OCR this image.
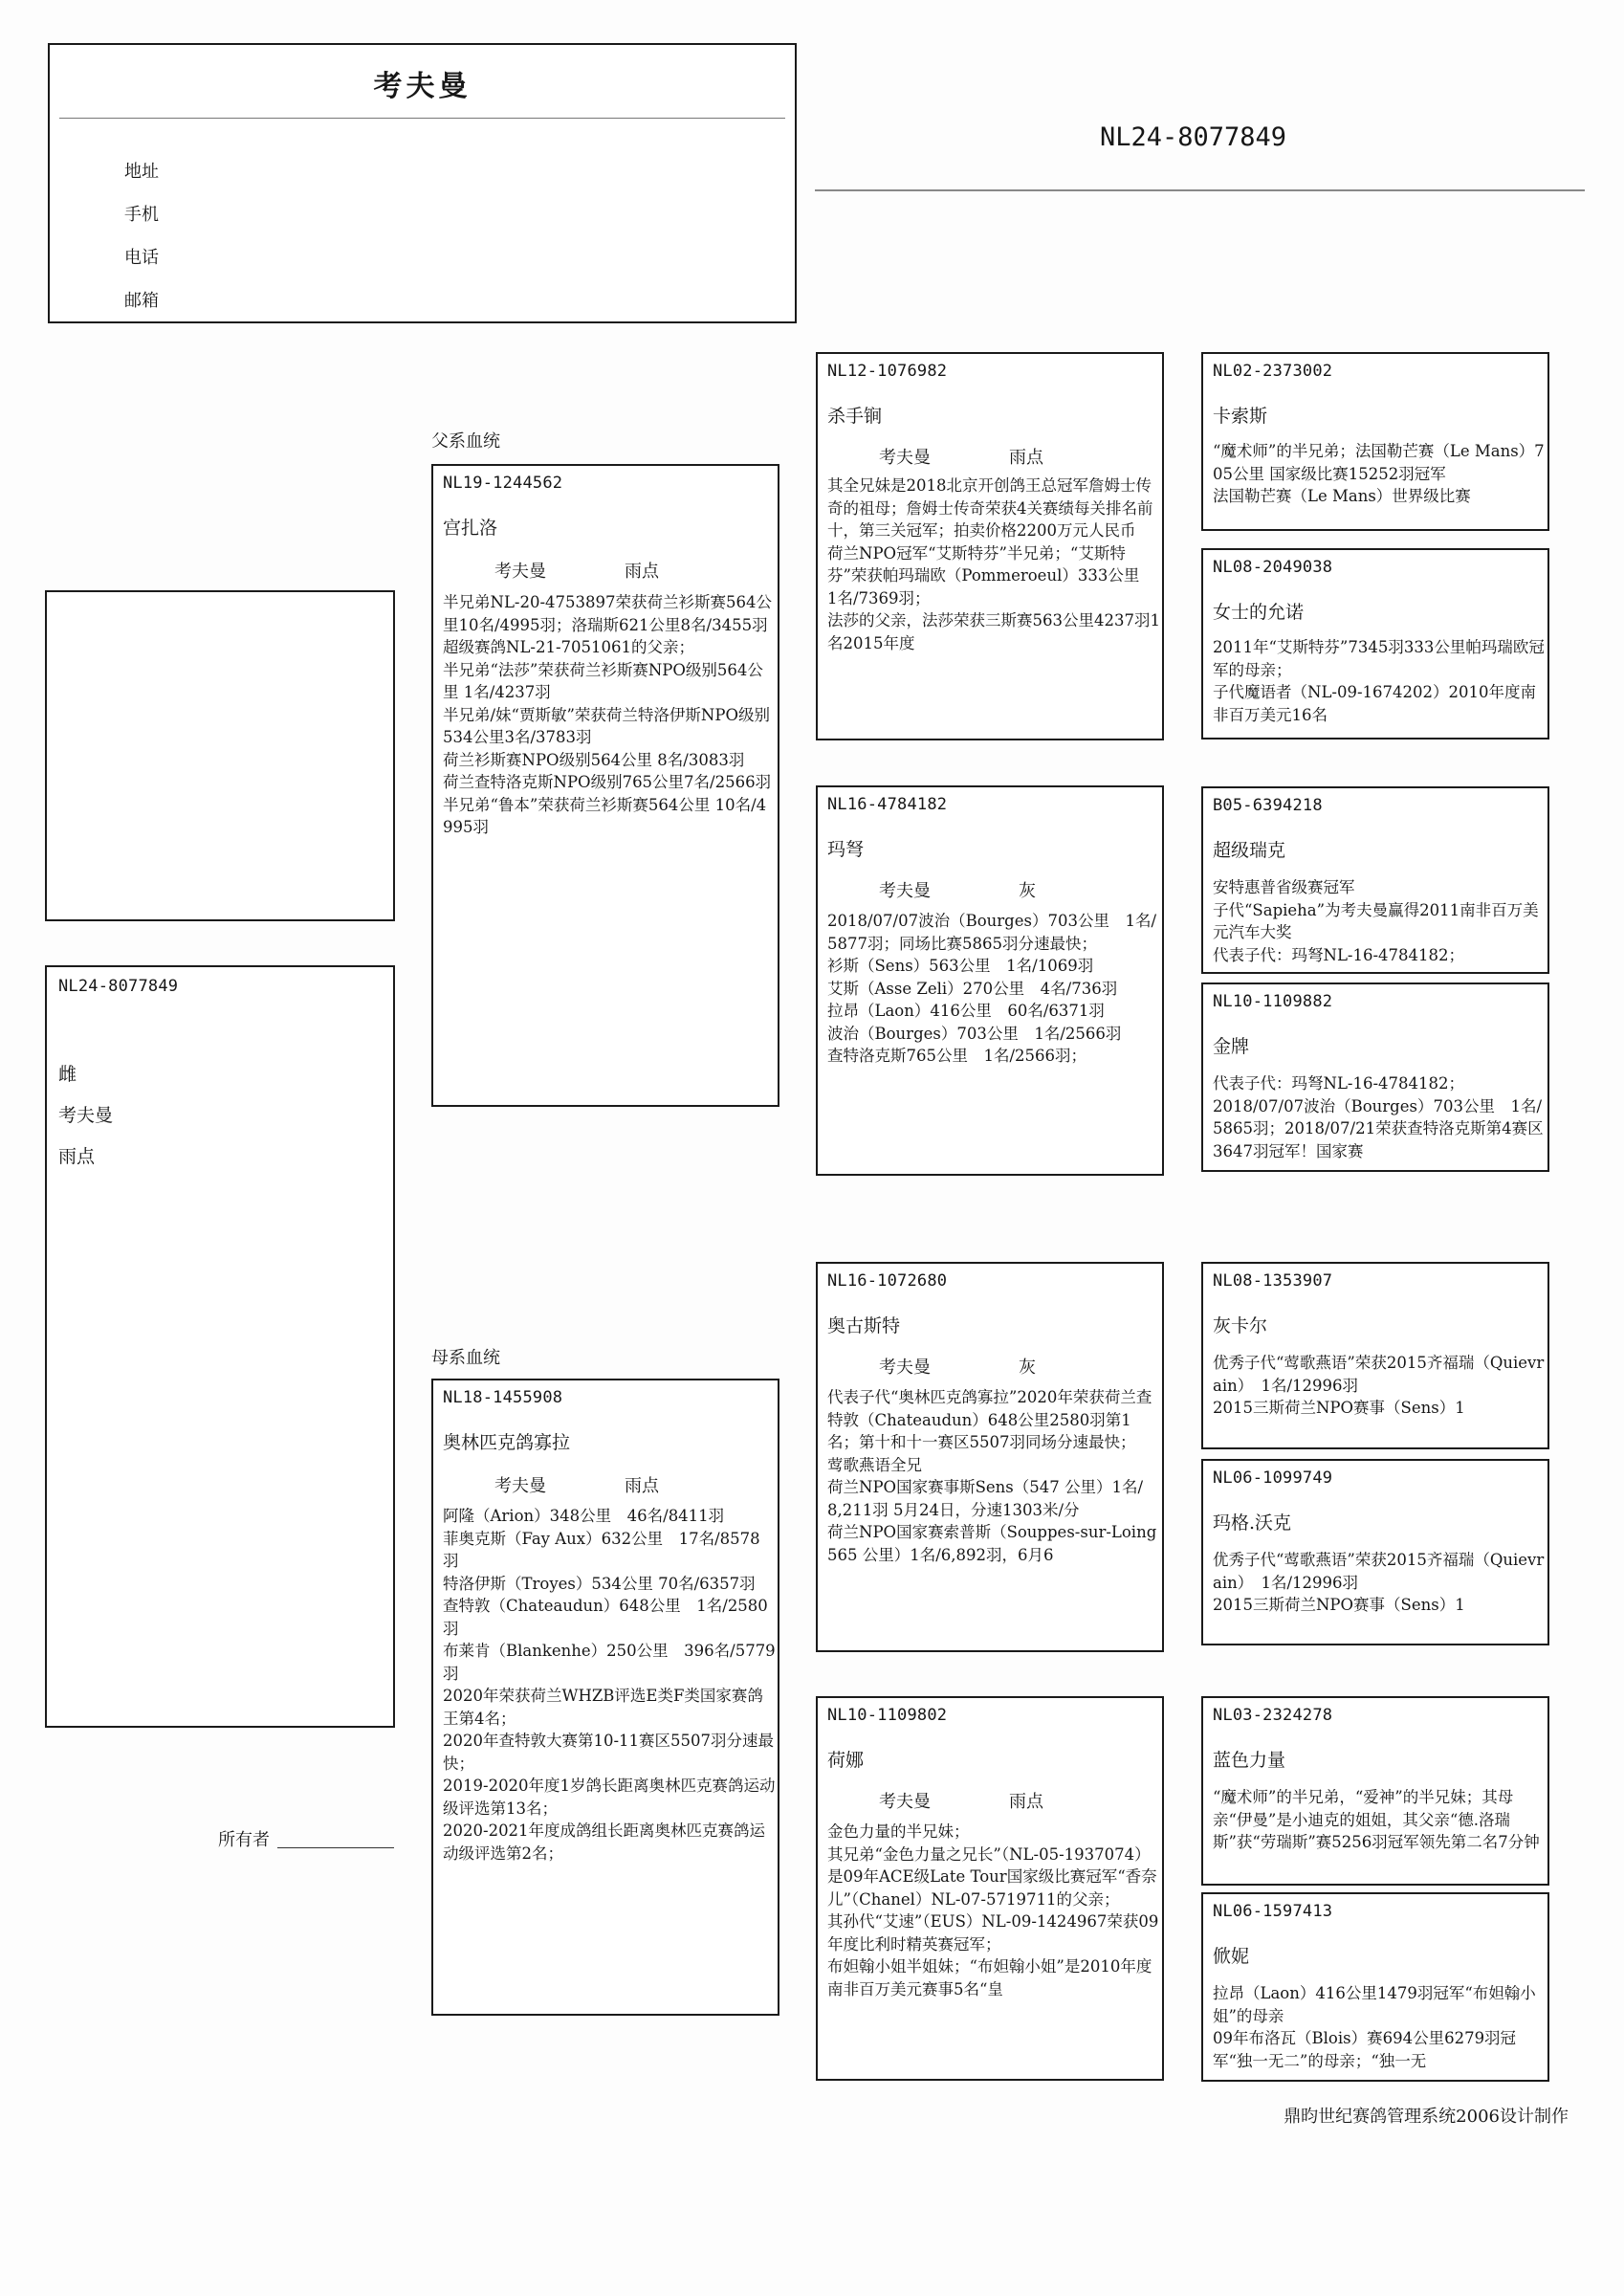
考夫曼
地址
手机
电话
邮箱
NL24-8077849
NL24-8077849
雌
考夫曼
雨点
所有者
父系血统
母系血统
NL19-1244562
宫扎洛
考夫曼	雨点
半兄弟NL-20-4753897荣获荷兰衫斯赛564公里10名/4995羽；洛瑞斯621公里8名/3455羽
超级赛鸽NL-21-7051061的父亲；
半兄弟“法莎”荣获荷兰衫斯赛NPO级别564公里 1名/4237羽
半兄弟/妹“贾斯敏”荣获荷兰特洛伊斯NPO级别534公里3名/3783羽
荷兰衫斯赛NPO级别564公里 8名/3083羽
荷兰查特洛克斯NPO级别765公里7名/2566羽
半兄弟“鲁本”荣获荷兰衫斯赛564公里 10名/4995羽
NL18-1455908
奥林匹克鸽寡拉
考夫曼	雨点
阿隆（Arion）348公里　46名/8411羽
菲奥克斯（Fay Aux）632公里　17名/8578羽
特洛伊斯（Troyes）534公里 70名/6357羽
查特敦（Chateaudun）648公里　1名/2580羽
布莱肯（Blankenhe）250公里　396名/5779羽
2020年荣获荷兰WHZB评选E类F类国家赛鸽王第4名；
2020年查特敦大赛第10-11赛区5507羽分速最快；
2019-2020年度1岁鸽长距离奥林匹克赛鸽运动级评选第13名；
2020-2021年度成鸽组长距离奥林匹克赛鸽运动级评选第2名；
NL12-1076982
杀手锏
考夫曼	雨点
其全兄妹是2018北京开创鸽王总冠军詹姆士传奇的祖母；詹姆士传奇荣获4关赛绩每关排名前十，第三关冠军；拍卖价格2200万元人民币
荷兰NPO冠军“艾斯特芬”半兄弟；“艾斯特芬”荣获帕玛瑞欧（Pommeroeul）333公里　1名/7369羽；
法莎的父亲，法莎荣获三斯赛563公里4237羽1名2015年度
NL16-4784182
玛弩
考夫曼	灰
2018/07/07波治（Bourges）703公里　1名/5877羽；同场比赛5865羽分速最快；
衫斯（Sens）563公里　1名/1069羽
艾斯（Asse Zeli）270公里　4名/736羽
拉昂（Laon）416公里　60名/6371羽
波治（Bourges）703公里　1名/2566羽
查特洛克斯765公里　1名/2566羽；
NL16-1072680
奥古斯特
考夫曼	灰
代表子代“奥林匹克鸽寡拉”2020年荣获荷兰查特敦（Chateaudun）648公里2580羽第1名；第十和十一赛区5507羽同场分速最快；
莺歌燕语全兄
荷兰NPO国家赛事斯Sens（547 公里）1名/ 8,211羽 5月24日，分速1303米/分
荷兰NPO国家赛索普斯（Souppes-sur-Loing 565 公里）1名/6,892羽，6月6
NL10-1109802
荷娜
考夫曼	雨点
金色力量的半兄妹；
其兄弟“金色力量之兄长”（NL-05-1937074）是09年ACE级Late Tour国家级比赛冠军“香奈儿”（Chanel）NL-07-5719711的父亲；
其孙代“艾速”（EUS）NL-09-1424967荣获09年度比利时精英赛冠军；
布妲翰小姐半姐妹；“布妲翰小姐”是2010年度南非百万美元赛事5名“皇
NL02-2373002
卡索斯
“魔术师”的半兄弟；法国勒芒赛（Le Mans）705公里 国家级比赛15252羽冠军
法国勒芒赛（Le Mans）世界级比赛
NL08-2049038
女士的允诺
2011年“艾斯特芬”7345羽333公里帕玛瑞欧冠军的母亲；
子代魔语者（NL-09-1674202）2010年度南非百万美元16名
B05-6394218
超级瑞克
安特惠普省级赛冠军
子代“Sapieha”为考夫曼赢得2011南非百万美元汽车大奖
代表子代：玛弩NL-16-4784182；
NL10-1109882
金牌
代表子代：玛弩NL-16-4784182；
2018/07/07波治（Bourges）703公里　1名/5865羽；2018/07/21荣获查特洛克斯第4赛区3647羽冠军！国家赛
NL08-1353907
灰卡尔
优秀子代“莺歌燕语”荣获2015齐福瑞（Quievrain）　1名/12996羽
2015三斯荷兰NPO赛事（Sens）1
NL06-1099749
玛格.沃克
优秀子代“莺歌燕语”荣获2015齐福瑞（Quievrain）　1名/12996羽
2015三斯荷兰NPO赛事（Sens）1
NL03-2324278
蓝色力量
“魔术师”的半兄弟，“爱神”的半兄妹；其母亲“伊曼”是小迪克的姐姐，其父亲“德.洛瑞斯”获“劳瑞斯”赛5256羽冠军领先第二名7分钟
NL06-1597413
俽妮
拉昂（Laon）416公里1479羽冠军“布妲翰小姐”的母亲
09年布洛瓦（Blois）赛694公里6279羽冠军“独一无二”的母亲；“独一无
鼎昀世纪赛鸽管理系统2006设计制作
